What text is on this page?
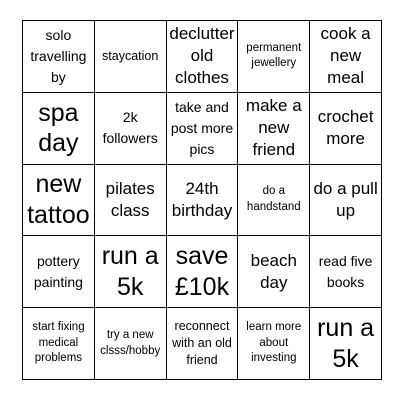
solo travelling by
staycation
declutter old clothes
permanent jewellery
cook a new meal
spa day
2k followers
take and post more pics
make a new friend
crochet more
new tattoo
pilates class
24th birthday
do a handstand
do a pull up
pottery painting
run a 5k
save £10k
beach day
read five books
start fixing medical problems
try a new clsss/hobby
reconnect with an old friend
learn more about investing
run a 5k
